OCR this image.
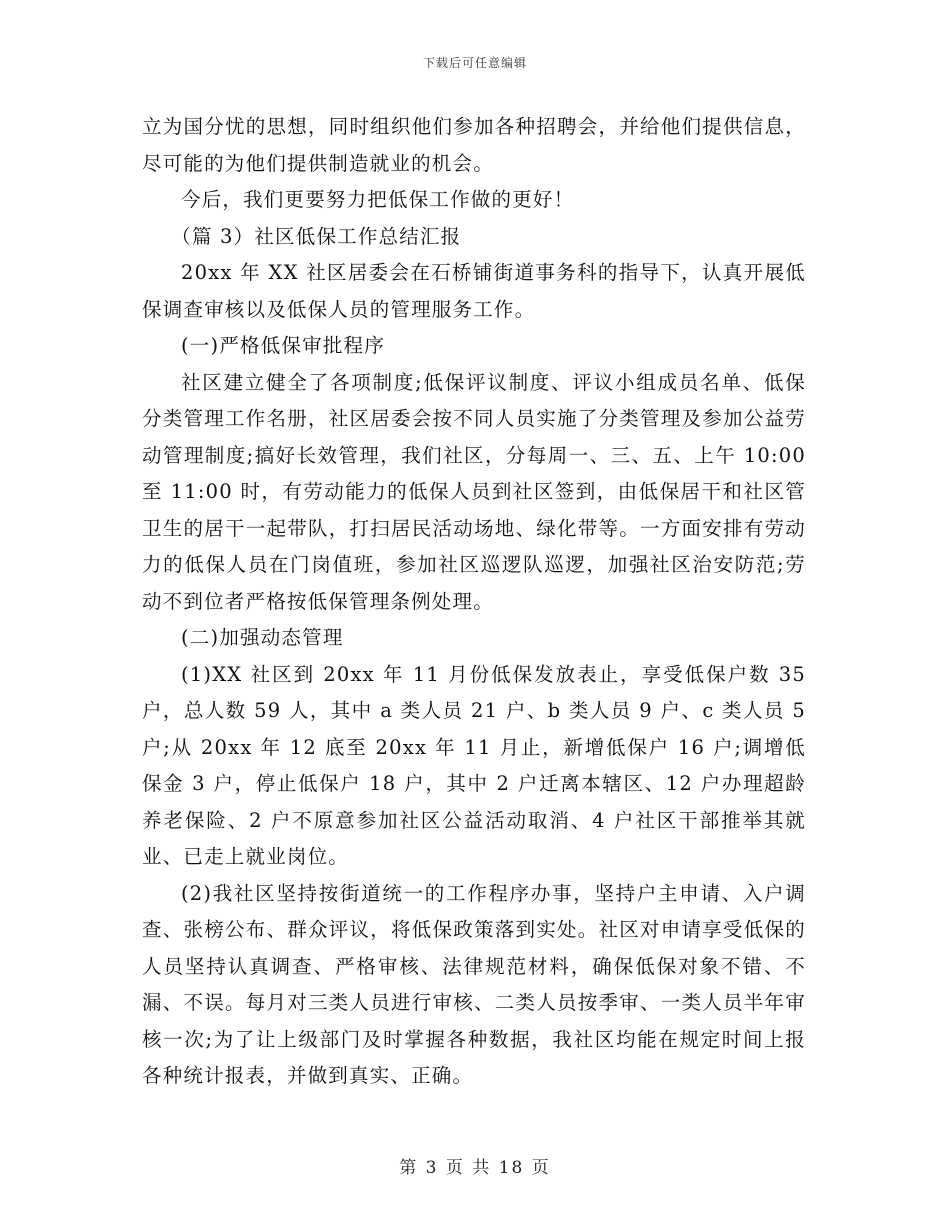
下载后可任意编辑

立为国分忧的思想，同时组织他们参加各种招聘会，并给他们提供信息，尽可能的为他们提供制造就业的机会。

今后，我们更要努力把低保工作做的更好！

（篇 3）社区低保工作总结汇报

20xx 年 XX 社区居委会在石桥铺街道事务科的指导下，认真开展低保调查审核以及低保人员的管理服务工作。

(一)严格低保审批程序

社区建立健全了各项制度;低保评议制度、评议小组成员名单、低保分类管理工作名册，社区居委会按不同人员实施了分类管理及参加公益劳动管理制度;搞好长效管理，我们社区，分每周一、三、五、上午 10:00 至 11:00 时，有劳动能力的低保人员到社区签到，由低保居干和社区管卫生的居干一起带队，打扫居民活动场地、绿化带等。一方面安排有劳动力的低保人员在门岗值班，参加社区巡逻队巡逻，加强社区治安防范;劳动不到位者严格按低保管理条例处理。

(二)加强动态管理

(1)XX 社区到 20xx 年 11 月份低保发放表止，享受低保户数 35 户，总人数 59 人，其中 a 类人员 21 户、b 类人员 9 户、c 类人员 5 户;从 20xx 年 12 底至 20xx 年 11 月止，新增低保户 16 户;调增低保金 3 户，停止低保户 18 户，其中 2 户迁离本辖区、12 户办理超龄养老保险、2 户不原意参加社区公益活动取消、4 户社区干部推举其就业、已走上就业岗位。

(2)我社区坚持按街道统一的工作程序办事，坚持户主申请、入户调查、张榜公布、群众评议，将低保政策落到实处。社区对申请享受低保的人员坚持认真调查、严格审核、法律规范材料，确保低保对象不错、不漏、不误。每月对三类人员进行审核、二类人员按季审、一类人员半年审核一次;为了让上级部门及时掌握各种数据，我社区均能在规定时间上报各种统计报表，并做到真实、正确。

第 3 页 共 18 页
